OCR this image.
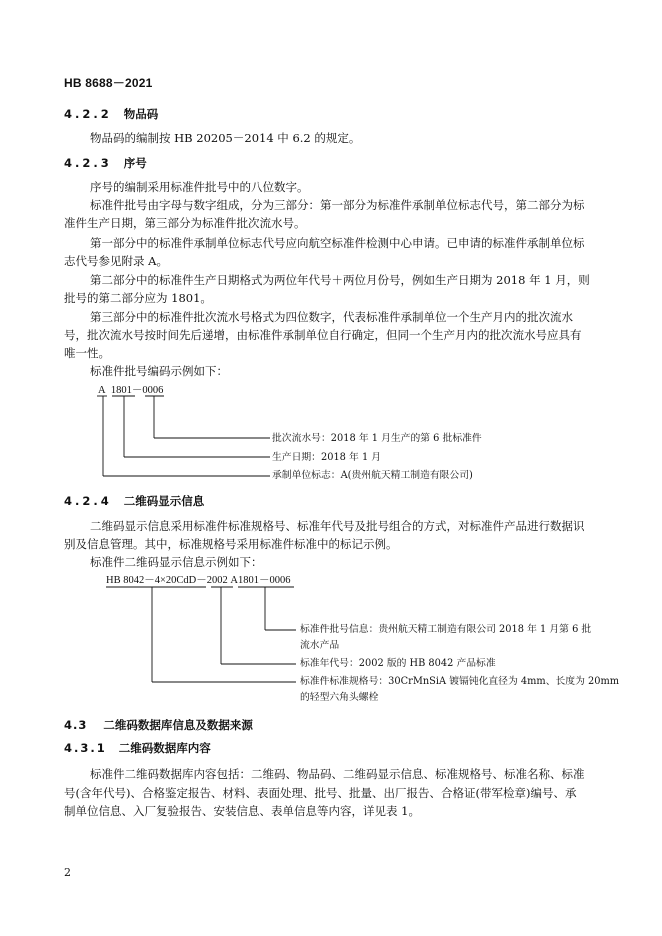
HB 8688－2021
4.2.2 物品码
物品码的编制按 HB 20205－2014 中 6.2 的规定。
4.2.3 序号
序号的编制采用标准件批号中的八位数字。
标准件批号由字母与数字组成，分为三部分：第一部分为标准件承制单位标志代号，第二部分为标
准件生产日期，第三部分为标准件批次流水号。
第一部分中的标准件承制单位标志代号应向航空标准件检测中心申请。已申请的标准件承制单位标
志代号参见附录 A。
第二部分中的标准件生产日期格式为两位年代号＋两位月份号，例如生产日期为 2018 年 1 月，则
批号的第二部分应为 1801。
第三部分中的标准件批次流水号格式为四位数字，代表标准件承制单位一个生产月内的批次流水
号，批次流水号按时间先后递增，由标准件承制单位自行确定，但同一个生产月内的批次流水号应具有
唯一性。
标准件批号编码示例如下：
A 1801－0006
批次流水号：2018 年 1 月生产的第 6 批标准件
生产日期：2018 年 1 月
承制单位标志：A(贵州航天精工制造有限公司)
4.2.4 二维码显示信息
二维码显示信息采用标准件标准规格号、标准年代号及批号组合的方式，对标准件产品进行数据识
别及信息管理。其中，标准规格号采用标准件标准中的标记示例。
标准件二维码显示信息示例如下：
HB 8042－4×20CdD－2002 A1801－0006
标准件批号信息：贵州航天精工制造有限公司 2018 年 1 月第 6 批
流水产品
标准年代号：2002 版的 HB 8042 产品标准
标准件标准规格号：30CrMnSiA 镀镉钝化直径为 4mm、长度为 20mm
的轻型六角头螺栓
4.3 二维码数据库信息及数据来源
4.3.1 二维码数据库内容
标准件二维码数据库内容包括：二维码、物品码、二维码显示信息、标准规格号、标准名称、标准
号(含年代号)、合格鉴定报告、材料、表面处理、批号、批量、出厂报告、合格证(带军检章)编号、承
制单位信息、入厂复验报告、安装信息、表单信息等内容，详见表 1。
2
